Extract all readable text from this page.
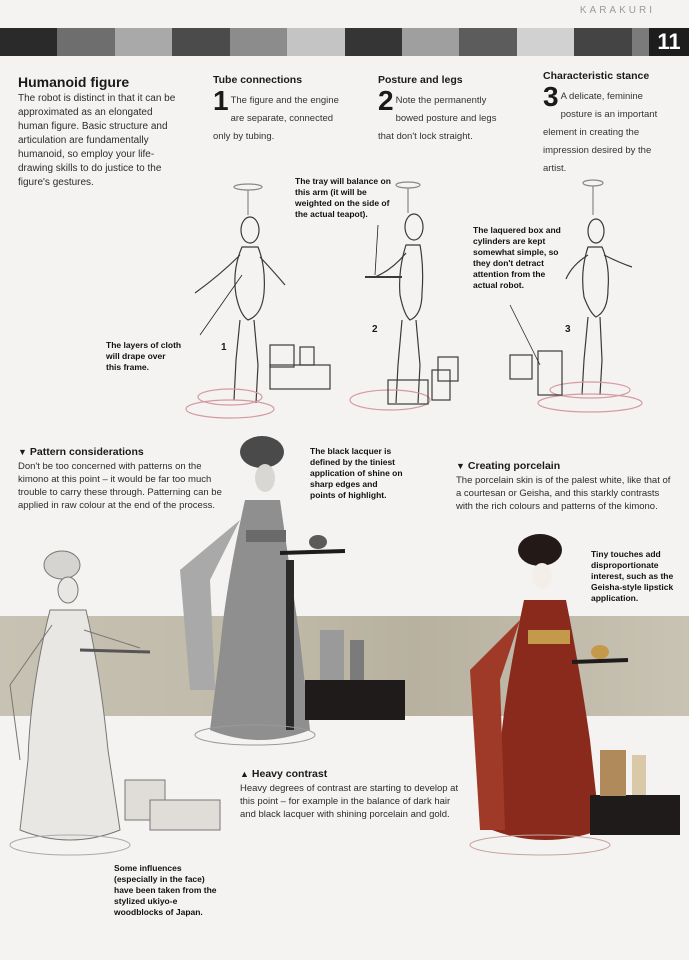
KARAKURI
11
Humanoid figure
The robot is distinct in that it can be approximated as an elongated human figure. Basic structure and articulation are fundamentally humanoid, so employ your life-drawing skills to do justice to the figure's gestures.
Tube connections
1 The figure and the engine are separate, connected only by tubing.
Posture and legs
2 Note the permanently bowed posture and legs that don't lock straight.
Characteristic stance
3 A delicate, feminine posture is an important element in creating the impression desired by the artist.
1
2	3
The layers of cloth will drape over this frame.
The tray will balance on this arm (it will be weighted on the side of the actual teapot).
The laquered box and cylinders are kept somewhat simple, so they don't detract attention from the actual robot.
▼ Pattern considerations
Don't be too concerned with patterns on the kimono at this point – it would be far too much trouble to carry these through. Patterning can be applied in raw colour at the end of the process.
The black lacquer is defined by the tiniest application of shine on sharp edges and points of highlight.
▼ Creating porcelain
The porcelain skin is of the palest white, like that of a courtesan or Geisha, and this starkly contrasts with the rich colours and patterns of the kimono.
Tiny touches add disproportionate interest, such as the Geisha-style lipstick application.
▲ Heavy contrast
Heavy degrees of contrast are starting to develop at this point – for example in the balance of dark hair and black lacquer with shining porcelain and gold.
Some influences (especially in the face) have been taken from the stylized ukiyo-e woodblocks of Japan.
